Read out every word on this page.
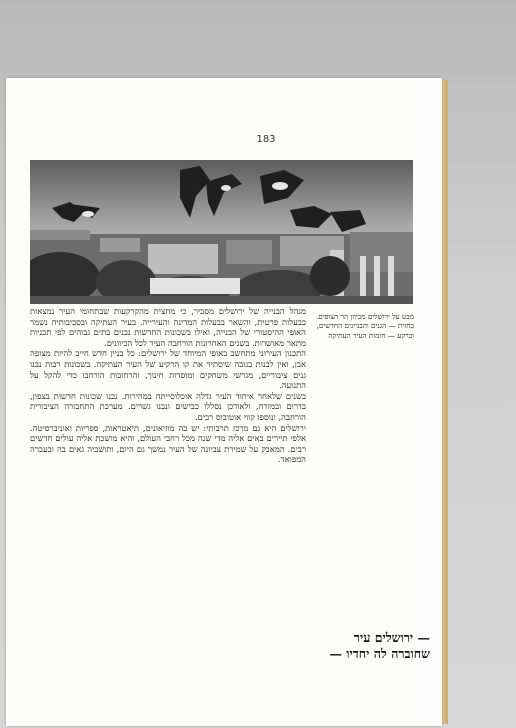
183

מנהל הבנייה של ירושלים מסביר, כי מחצית מהקרקעות שבתחומי העיר נמצאות בבעלות פרטית, והשאר בבעלות המדינה והעירייה. בעיר העתיקה ובסביבותיה נשמר האופי ההיסטורי של הבנייה, ואילו בשכונות החדשות נבנים בתים גבוהים לפי תכניות מתאר מאושרות. בשנים האחרונות הורחבה העיר לכל הכיוונים.

התכנון העירוני מתחשב באופי המיוחד של ירושלים: כל בניין חדש חייב להיות מצופה אבן, ואין לבנות בגובה שיסתיר את קו הרקיע של העיר העתיקה. בשכונות רבות נבנו גנים ציבוריים, מגרשי משחקים ומוסדות חינוך, והרחובות הורחבו כדי להקל על התנועה.

בשנים שלאחר איחוד העיר גדלה אוכלוסייתה במהירות. נבנו שכונות חדשות בצפון, בדרום ובמזרח, ולאורכן נסללו כבישים ונבנו גשרים. מערכת התחבורה הציבורית הורחבה, ונוספו קווי אוטובוס רבים.

ירושלים היא גם מרכז תרבותי: יש בה מוזיאונים, תיאטראות, ספריות ואוניברסיטה. אלפי תיירים באים אליה מדי שנה מכל רחבי העולם, והיא מושכת אליה עולים חדשים רבים. המאבק על שמירת צביונה של העיר נמשך גם היום, ותושביה גאים בה ובעברה המפואר.

מבט על ירושלים מכיוון הר הצופים. בחזית — הגנים והבניינים החדשים, וברקע — חומות העיר העתיקה
— ירושלים עיר שחוברה לה יחדיו —
